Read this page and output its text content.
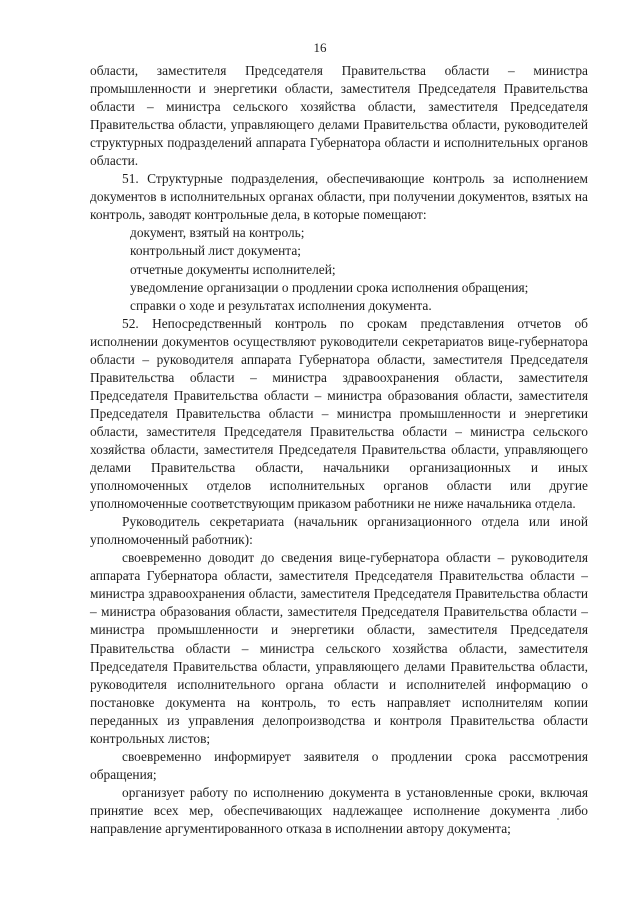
16

области, заместителя Председателя Правительства области – министра промышленности и энергетики области, заместителя Председателя Правительства области – министра сельского хозяйства области, заместителя Председателя Правительства области, управляющего делами Правительства области, руководителей структурных подразделений аппарата Губернатора области и исполнительных органов области.

51. Структурные подразделения, обеспечивающие контроль за исполнением документов в исполнительных органах области, при получении документов, взятых на контроль, заводят контрольные дела, в которые помещают:

документ, взятый на контроль;

контрольный лист документа;

отчетные документы исполнителей;

уведомление организации о продлении срока исполнения обращения;

справки о ходе и результатах исполнения документа.

52. Непосредственный контроль по срокам представления отчетов об исполнении документов осуществляют руководители секретариатов вице-губернатора области – руководителя аппарата Губернатора области, заместителя Председателя Правительства области – министра здравоохранения области, заместителя Председателя Правительства области – министра образования области, заместителя Председателя Правительства области – министра промышленности и энергетики области, заместителя Председателя Правительства области – министра сельского хозяйства области, заместителя Председателя Правительства области, управляющего делами Правительства области, начальники организационных и иных уполномоченных отделов исполнительных органов области или другие уполномоченные соответствующим приказом работники не ниже начальника отдела.

Руководитель секретариата (начальник организационного отдела или иной уполномоченный работник):

своевременно доводит до сведения вице-губернатора области – руководителя аппарата Губернатора области, заместителя Председателя Правительства области – министра здравоохранения области, заместителя Председателя Правительства области – министра образования области, заместителя Председателя Правительства области – министра промышленности и энергетики области, заместителя Председателя Правительства области – министра сельского хозяйства области, заместителя Председателя Правительства области, управляющего делами Правительства области, руководителя исполнительного органа области и исполнителей информацию о постановке документа на контроль, то есть направляет исполнителям копии переданных из управления делопроизводства и контроля Правительства области контрольных листов;

своевременно информирует заявителя о продлении срока рассмотрения обращения;

организует работу по исполнению документа в установленные сроки, включая принятие всех мер, обеспечивающих надлежащее исполнение документа либо направление аргументированного отказа в исполнении автору документа;
